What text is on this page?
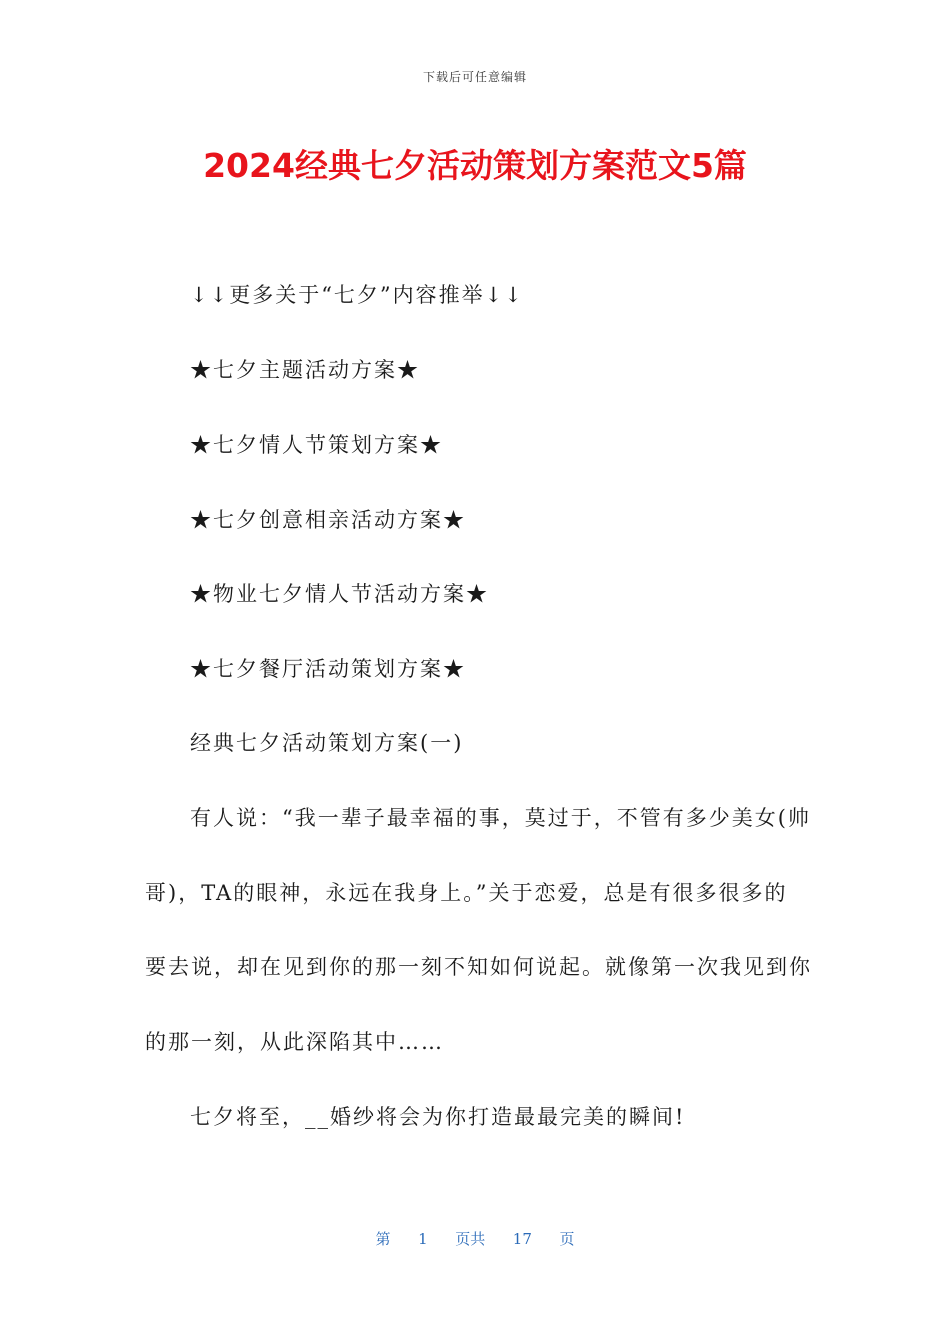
下载后可任意编辑
2024经典七夕活动策划方案范文5篇

↓↓更多关于“七夕”内容推举↓↓

★七夕主题活动方案★

★七夕情人节策划方案★

★七夕创意相亲活动方案★

★物业七夕情人节活动方案★

★七夕餐厅活动策划方案★

经典七夕活动策划方案(一)

有人说：“我一辈子最幸福的事，莫过于，不管有多少美女(帅

哥)，TA的眼神，永远在我身上。”关于恋爱，总是有很多很多的

要去说，却在见到你的那一刻不知如何说起。就像第一次我见到你

的那一刻，从此深陷其中……

七夕将至，__婚纱将会为你打造最最完美的瞬间!

第 1 页共 17 页
